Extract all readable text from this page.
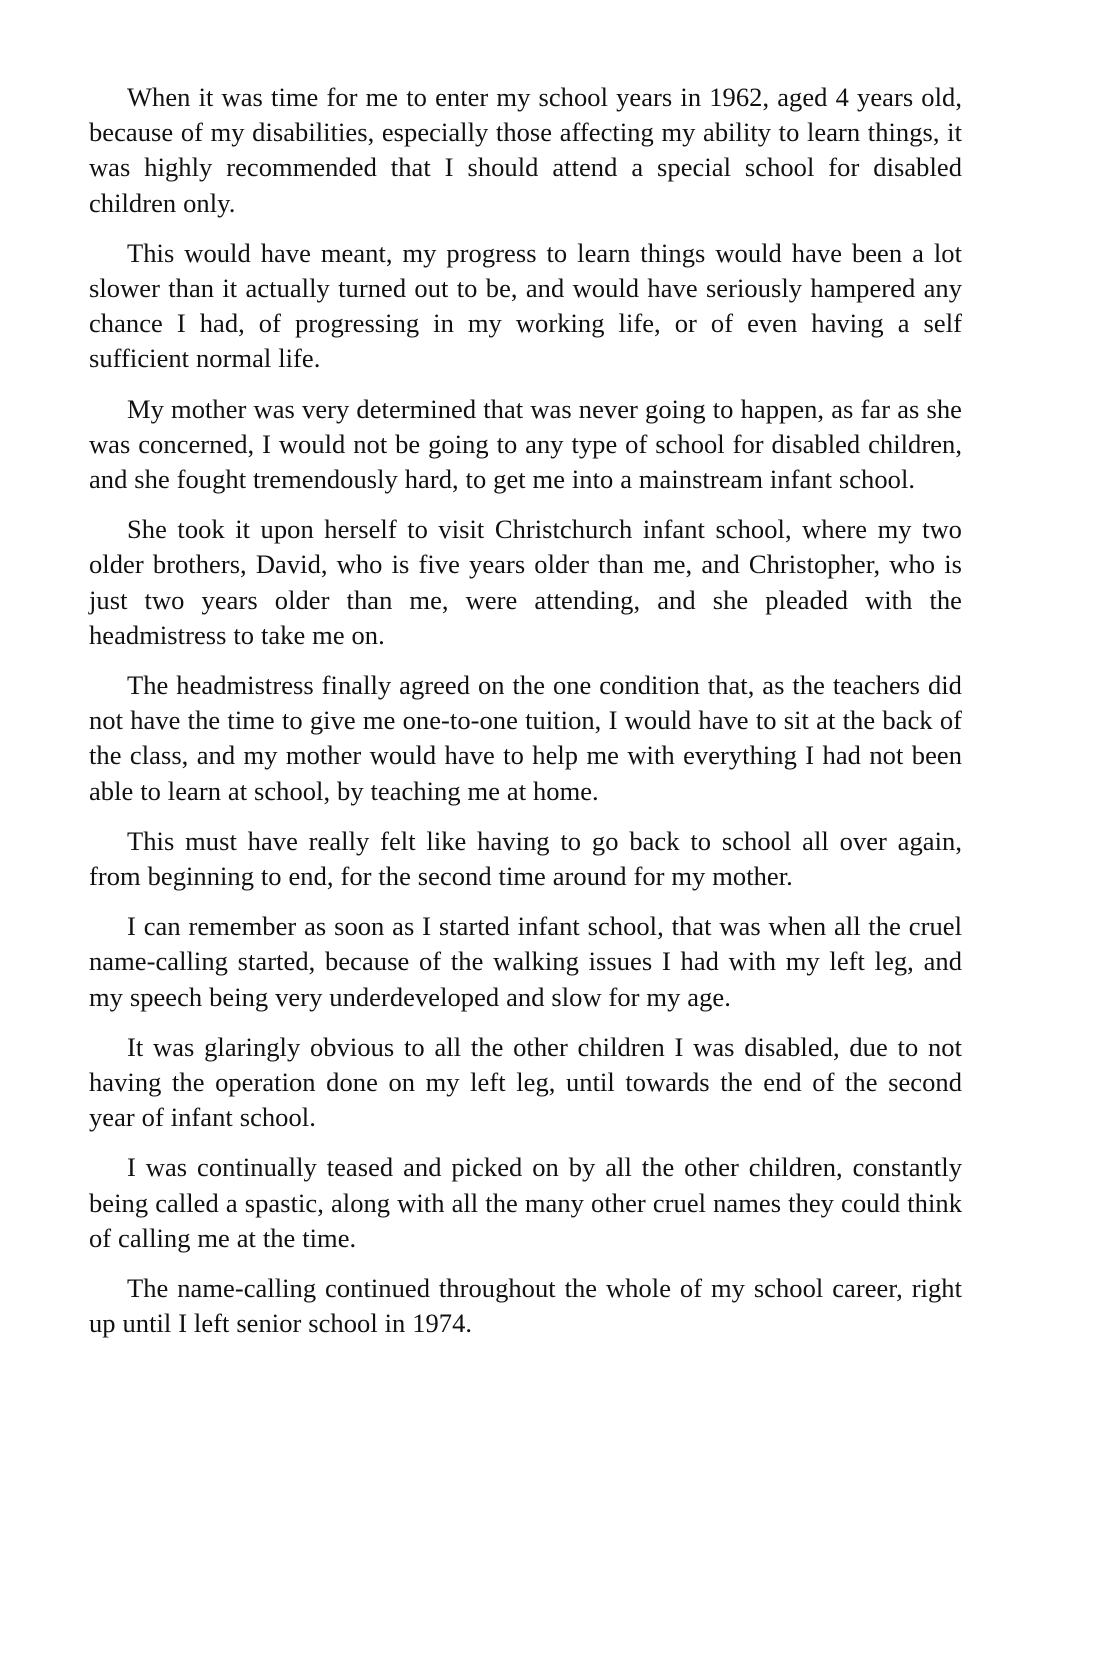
When it was time for me to enter my school years in 1962, aged 4 years old, because of my disabilities, especially those affecting my ability to learn things, it was highly recommended that I should attend a special school for disabled children only.

This would have meant, my progress to learn things would have been a lot slower than it actually turned out to be, and would have seriously hampered any chance I had, of progressing in my working life, or of even having a self sufficient normal life.

My mother was very determined that was never going to happen, as far as she was concerned, I would not be going to any type of school for disabled children, and she fought tremendously hard, to get me into a mainstream infant school.

She took it upon herself to visit Christchurch infant school, where my two older brothers, David, who is five years older than me, and Christopher, who is just two years older than me, were attending, and she pleaded with the headmistress to take me on.

The headmistress finally agreed on the one condition that, as the teachers did not have the time to give me one-to-one tuition, I would have to sit at the back of the class, and my mother would have to help me with everything I had not been able to learn at school, by teaching me at home.

This must have really felt like having to go back to school all over again, from beginning to end, for the second time around for my mother.

I can remember as soon as I started infant school, that was when all the cruel name-calling started, because of the walking issues I had with my left leg, and my speech being very underdeveloped and slow for my age.

It was glaringly obvious to all the other children I was disabled, due to not having the operation done on my left leg, until towards the end of the second year of infant school.

I was continually teased and picked on by all the other children, constantly being called a spastic, along with all the many other cruel names they could think of calling me at the time.

The name-calling continued throughout the whole of my school career, right up until I left senior school in 1974.
